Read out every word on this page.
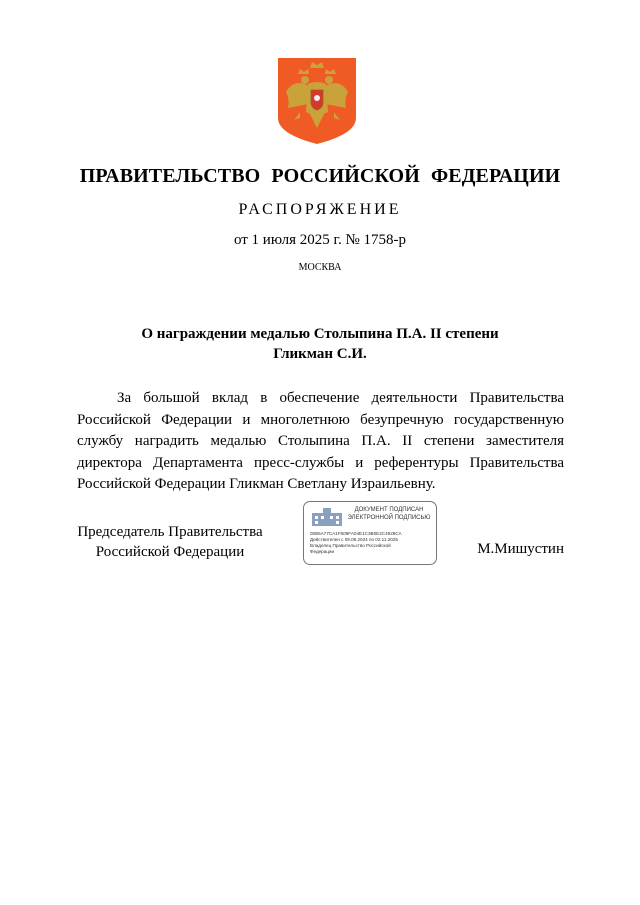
ПРАВИТЕЛЬСТВО РОССИЙСКОЙ ФЕДЕРАЦИИ
РАСПОРЯЖЕНИЕ
от 1 июля 2025 г. № 1758-р
МОСКВА
О награждении медалью Столыпина П.А. II степени
Гликман С.И.
За большой вклад в обеспечение деятельности Правительства Российской Федерации и многолетнюю безупречную государственную службу наградить медалью Столыпина П.А. II степени заместителя директора Департамента пресс-службы и референтуры Правительства Российской Федерации Гликман Светлану Израильевну.
Председатель Правительства
Российской Федерации
ДОКУМЕНТ ПОДПИСАН
ЭЛЕКТРОННОЙ ПОДПИСЬЮ
00B5A77CA1F609FA04E1C3B0E2C4928CA
Действителен с 09.08.2024 по 02.11.2025
Владелец Правительство Российской
Федерации	М.Мишустин
